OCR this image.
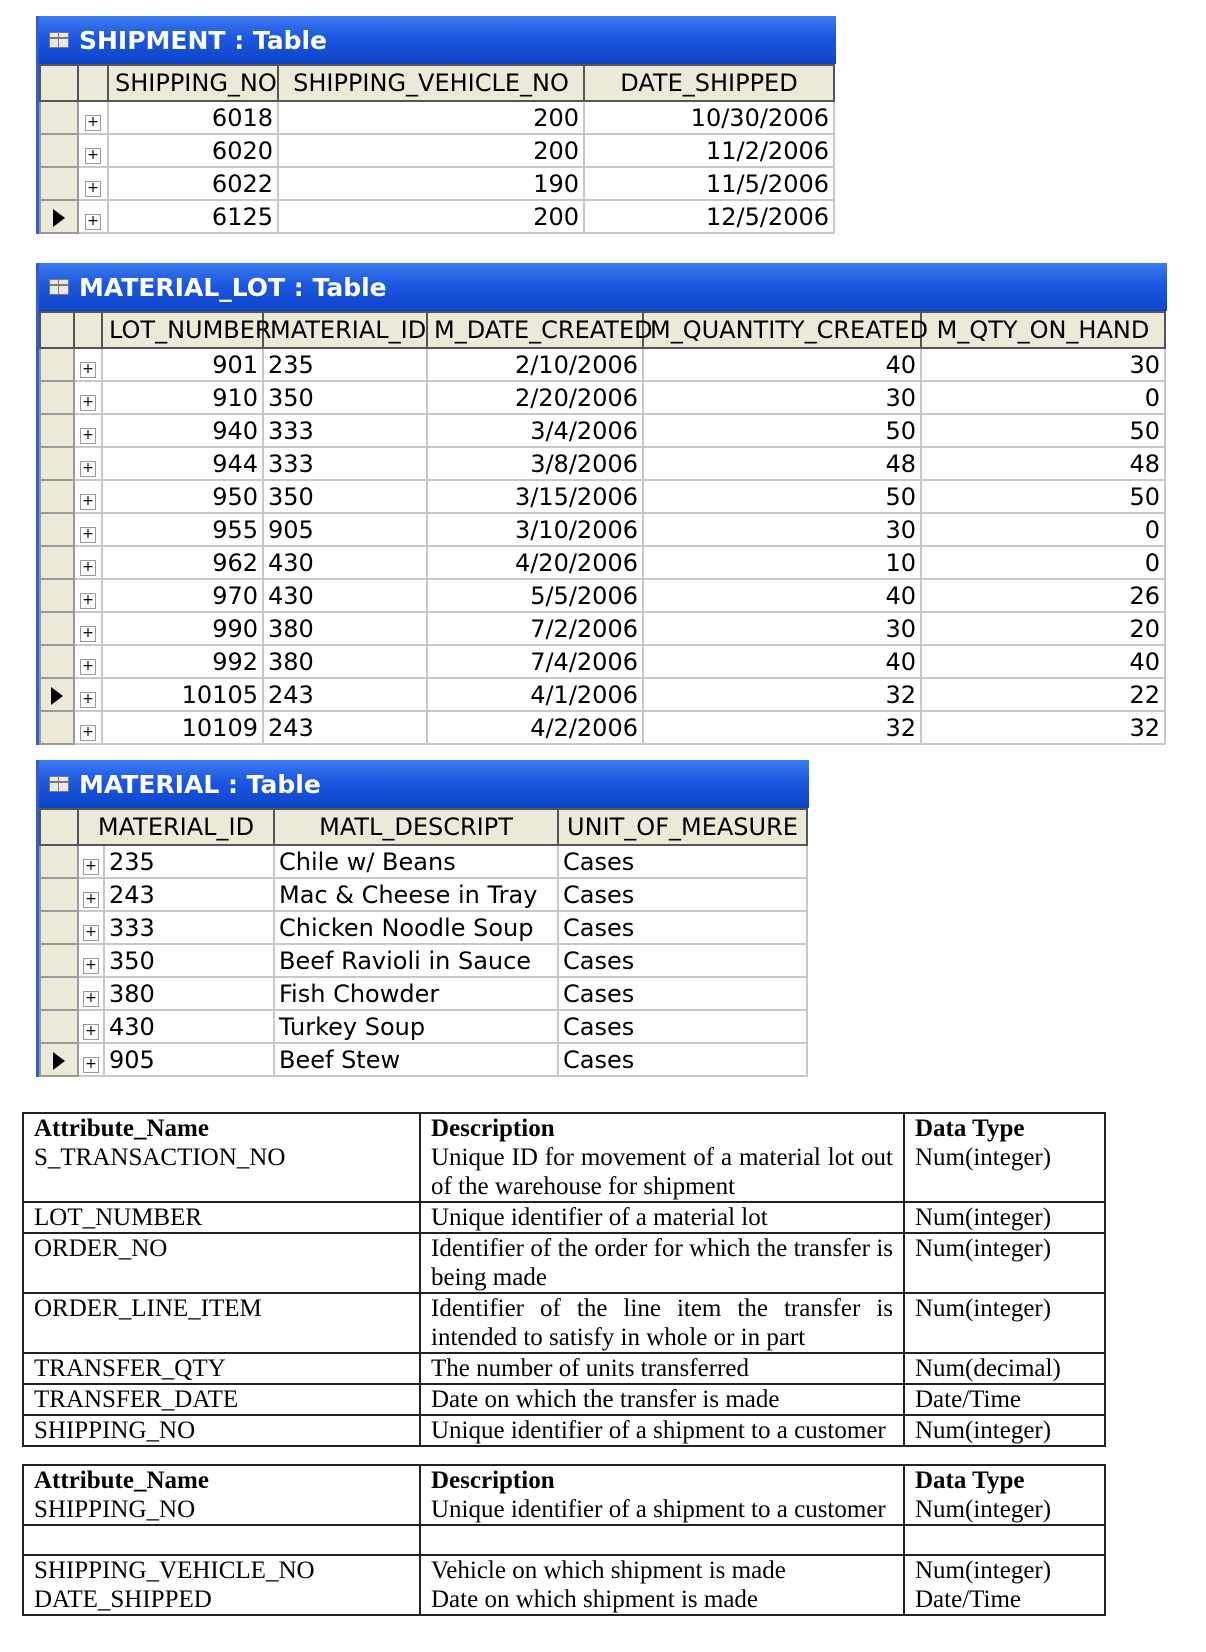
SHIPMENT : Table
		SHIPPING_NO	SHIPPING_VEHICLE_NO	DATE_SHIPPED
	+	6018	200	10/30/2006
	+	6020	200	11/2/2006
	+	6022	190	11/5/2006
	+	6125	200	12/5/2006
MATERIAL_LOT : Table
		LOT_NUMBER	MATERIAL_ID	M_DATE_CREATED	M_QUANTITY_CREATED	M_QTY_ON_HAND
	+	901	235	2/10/2006	40	30
	+	910	350	2/20/2006	30	0
	+	940	333	3/4/2006	50	50
	+	944	333	3/8/2006	48	48
	+	950	350	3/15/2006	50	50
	+	955	905	3/10/2006	30	0
	+	962	430	4/20/2006	10	0
	+	970	430	5/5/2006	40	26
	+	990	380	7/2/2006	30	20
	+	992	380	7/4/2006	40	40
	+	10105	243	4/1/2006	32	22
	+	10109	243	4/2/2006	32	32
MATERIAL : Table
	MATERIAL_ID		MATL_DESCRIPT	UNIT_OF_MEASURE
	+	235	Chile w/ Beans	Cases
	+	243	Mac & Cheese in Tray	Cases
	+	333	Chicken Noodle Soup	Cases
	+	350	Beef Ravioli in Sauce	Cases
	+	380	Fish Chowder	Cases
	+	430	Turkey Soup	Cases
	+	905	Beef Stew	Cases
Attribute_Name	Description	Data Type
S_TRANSACTION_NO	Unique ID for movement of a material lot out of the warehouse for shipment	Num(integer)
LOT_NUMBER	Unique identifier of a material lot	Num(integer)
ORDER_NO	Identifier of the order for which the transfer is being made	Num(integer)
ORDER_LINE_ITEM	Identifier of the line item the transfer is intended to satisfy in whole or in part	Num(integer)
TRANSFER_QTY	The number of units transferred	Num(decimal)
TRANSFER_DATE	Date on which the transfer is made	Date/Time
SHIPPING_NO	Unique identifier of a shipment to a customer	Num(integer)
Attribute_Name	Description	Data Type
SHIPPING_NO	Unique identifier of a shipment to a customer	Num(integer)

SHIPPING_VEHICLE_NO	Vehicle on which shipment is made	Num(integer)
DATE_SHIPPED	Date on which shipment is made	Date/Time
